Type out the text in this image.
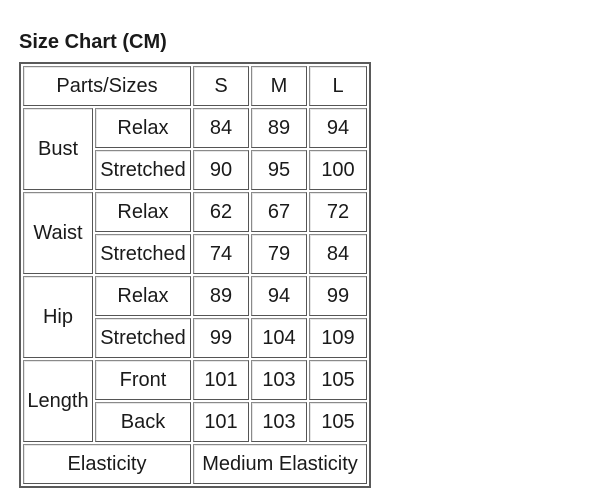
Size Chart (CM)
Parts/Sizes		S	M	L
Bust	Relax	84	89	94
	Stretched	90	95	100
Waist	Relax	62	67	72
	Stretched	74	79	84
Hip	Relax	89	94	99
	Stretched	99	104	109
Length	Front	101	103	105
	Back	101	103	105
Elasticity		Medium Elasticity		
